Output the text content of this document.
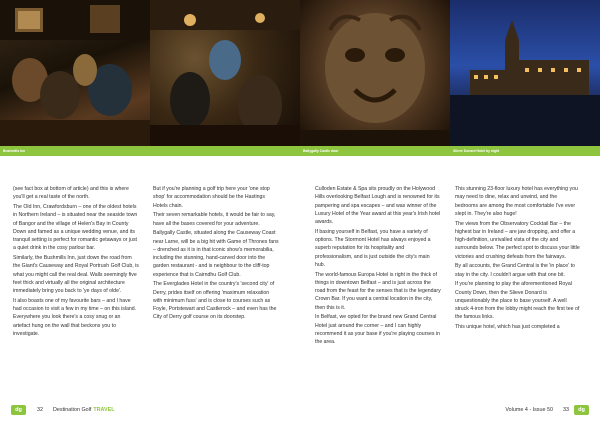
Bushmills Inn	Ballygally Castle door	Slieve Donard Hotel by night

(see fact box at bottom of article) and this is where you'll get a real taste of the north.

The Old Inn, Crawfordsburn – one of the oldest hotels in Northern Ireland – is situated near the seaside town of Bangor and the village of Helen's Bay in County Down and famed as a unique wedding venue, and its tranquil setting is perfect for romantic getaways or just a quiet drink in the cosy parlour bar.

Similarly, the Bushmills Inn, just down the road from the Giant's Causeway and Royal Portrush Golf Club, is what you might call the real deal. Walls seemingly five feet thick and virtually all the original architecture immediately bring you back to 'ye days of olde'.

It also boasts one of my favourite bars – and I have had occasion to visit a few in my time – on this island. Everywhere you look there's a cosy snug or an artefact hung on the wall that beckons you to investigate.

But if you're planning a golf trip here your 'one stop shop' for accommodation should be the Hastings Hotels chain.

Their seven remarkable hotels, it would be fair to say, have all the bases covered for your adventure.

Ballygally Castle, situated along the Causeway Coast near Larne, will be a big hit with Game of Thrones fans – drenched as it is in that iconic show's memorabilia, including the stunning, hand-carved door into the garden restaurant - and is neighbour to the cliff-top experience that is Cairndhu Golf Club.

The Everglades Hotel in the country's 'second city' of Derry, prides itself on offering 'maximum relaxation with minimum fuss' and is close to courses such as Foyle, Portstewart and Castlerock – and even has the City of Derry golf course on its doorstep.

Culloden Estate & Spa sits proudly on the Holywood Hills overlooking Belfast Lough and is renowned for its pampering and spa escapes – and was winner of the Luxury Hotel of the Year award at this year's Irish hotel awards.

If basing yourself in Belfast, you have a variety of options. The Stormont Hotel has always enjoyed a superb reputation for its hospitality and professionalism, and is just outside the city's main hub.

The world-famous Europa Hotel is right in the thick of things in downtown Belfast – and is just across the road from the feast for the senses that is the legendary Crown Bar. If you want a central location in the city, then this is it.

In Belfast, we opted for the brand new Grand Central Hotel just around the corner – and I can highly recommend it as your base if you're playing courses in the area.

This stunning 23-floor luxury hotel has everything you may need to dine, relax and unwind, and the bedrooms are among the most comfortable I've ever slept in. They're also huge!

The views from the Observatory Cocktail Bar – the highest bar in Ireland – are jaw dropping, and offer a high-definition, unrivalled vista of the city and surrounds below. The perfect spot to discuss your little victories and crushing defeats from the fairways.

By all accounts, the Grand Central is the 'in place' to stay in the city. I couldn't argue with that one bit.

If you're planning to play the aforementioned Royal County Down, then the Slieve Donard is unquestionably the place to base yourself. A well struck 4-iron from the lobby might reach the first tee of the famous links.

This unique hotel, which has just completed a

dg	32 Destination Golf TRAVEL	Volume 4 - Issue 50 33	dg
